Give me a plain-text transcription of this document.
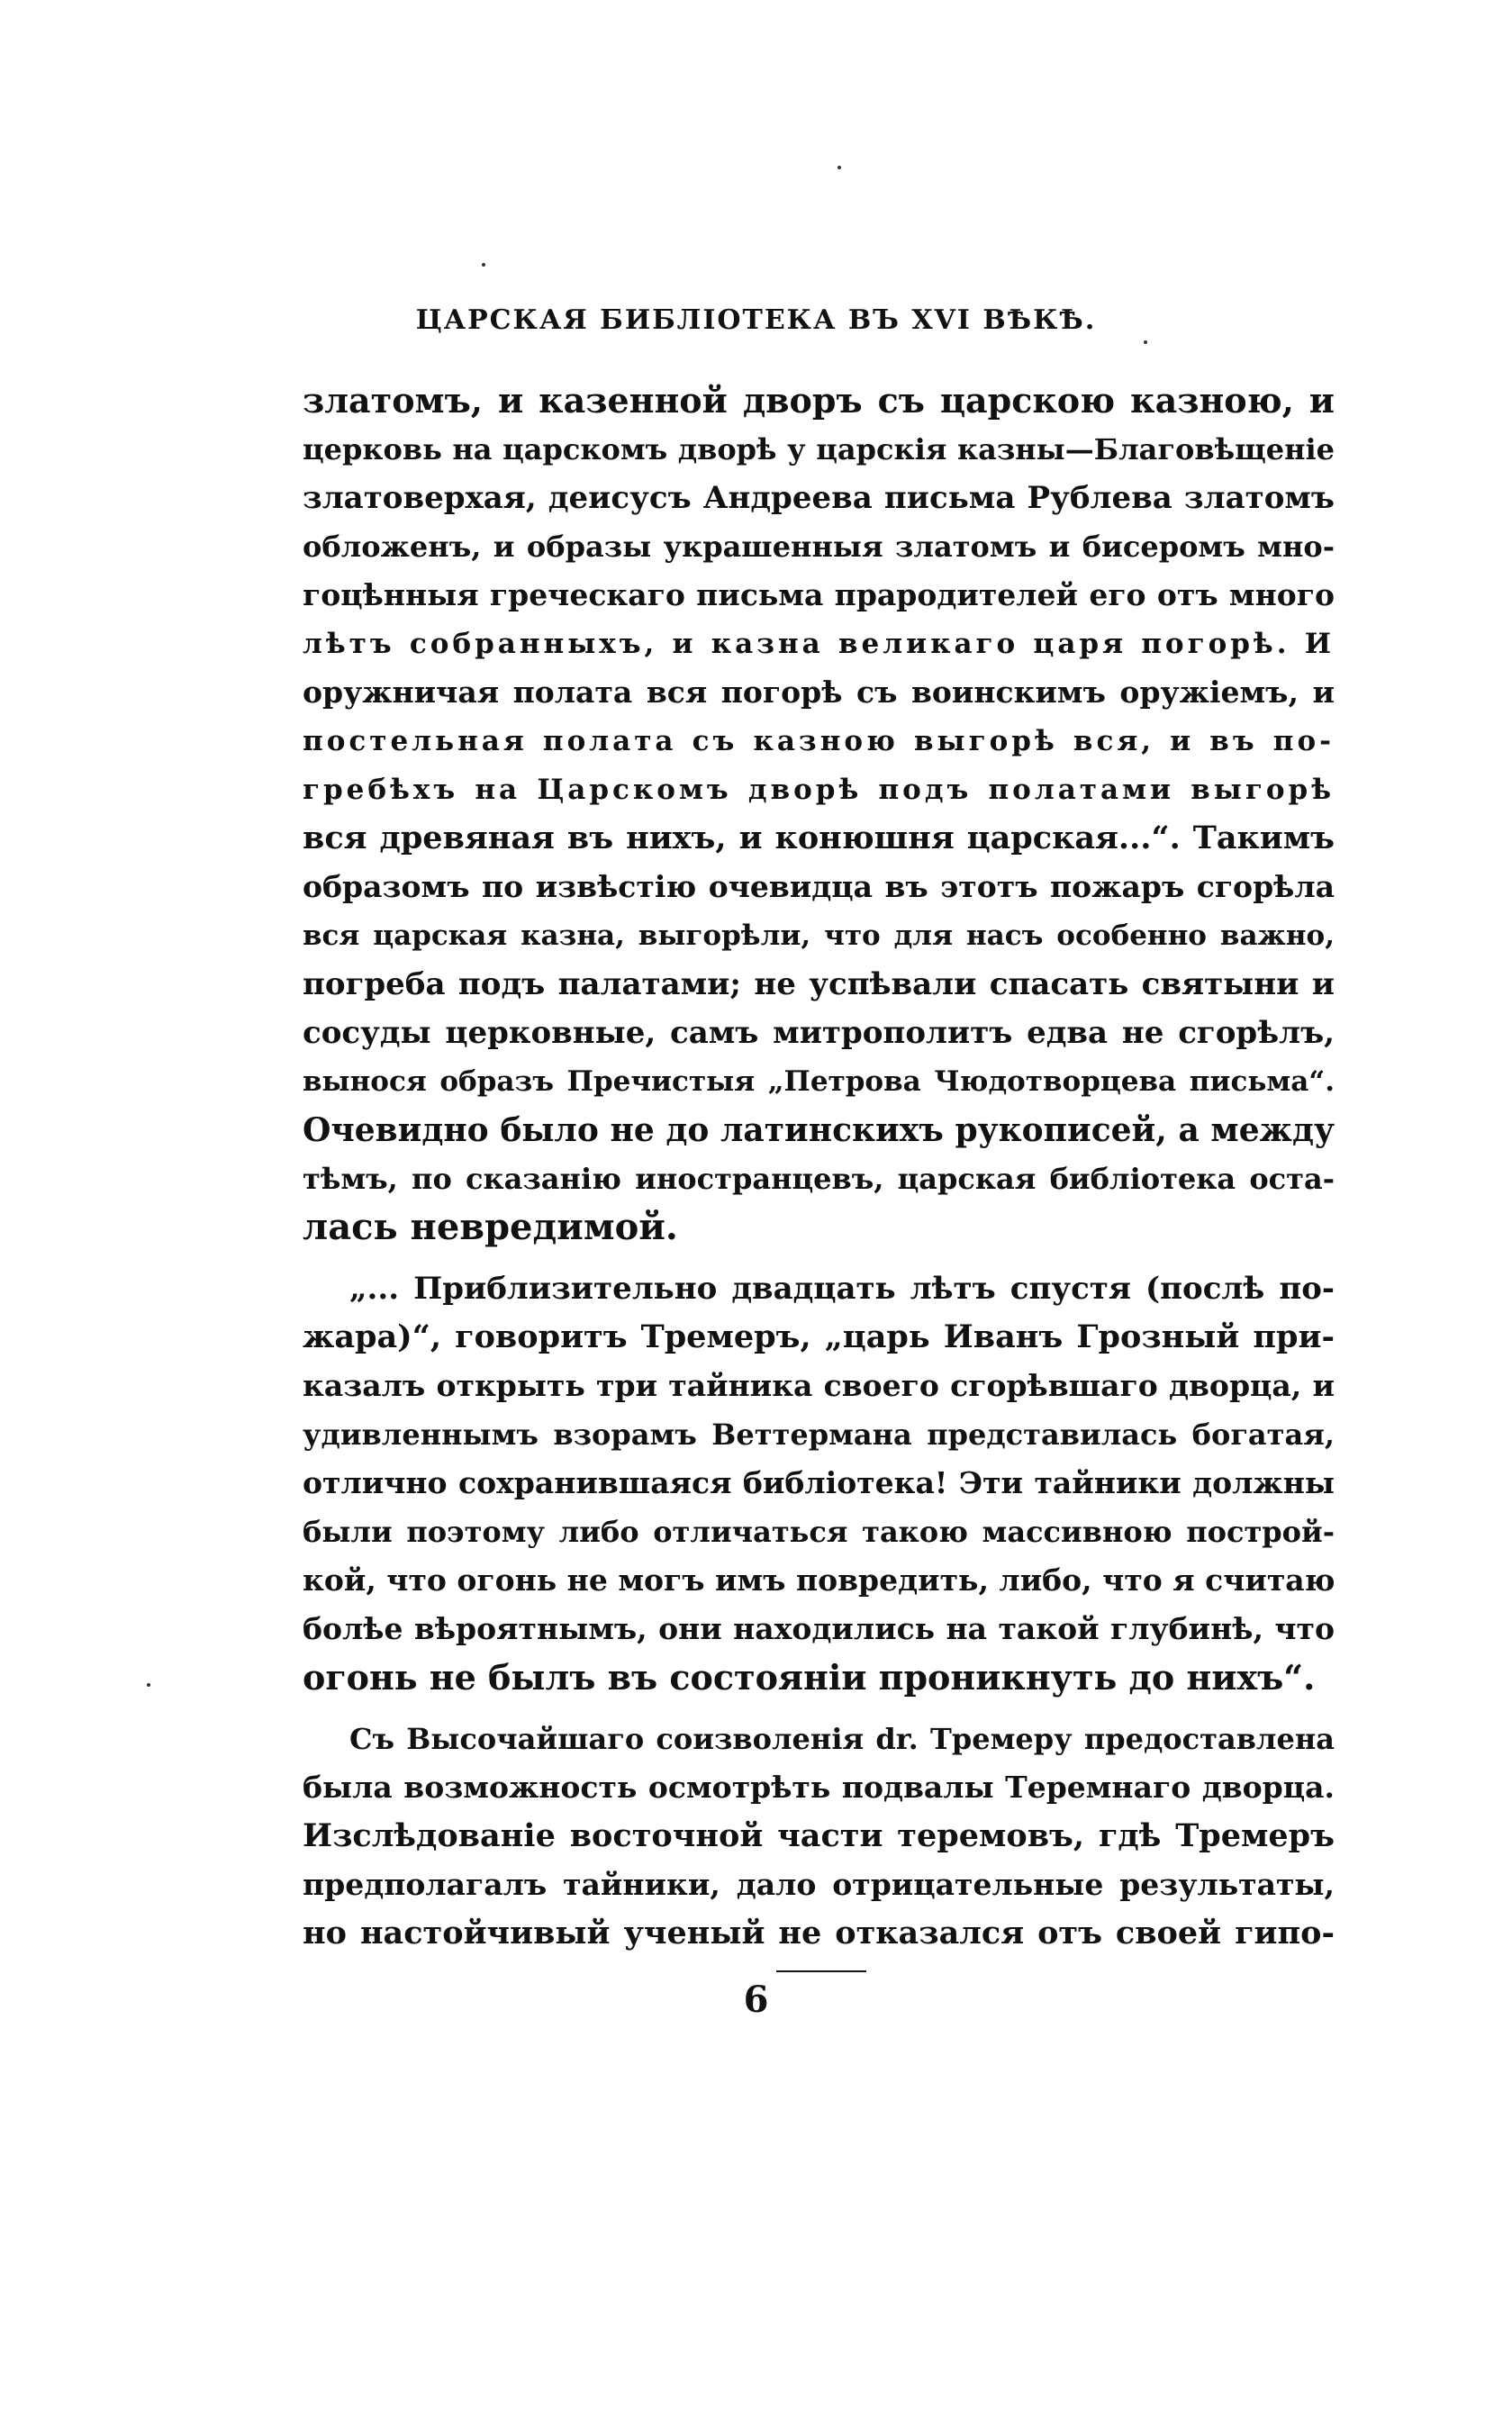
ЦАРСКАЯ БИБЛІОТЕКА ВЪ XVI ВѢКѢ.
златомъ, и казенной дворъ съ царскою казною, и
церковь на царскомъ дворѣ у царскія казны—Благовѣщеніе
златоверхая, деисусъ Андреева письма Рублева златомъ
обложенъ, и образы украшенныя златомъ и бисеромъ мно-
гоцѣнныя греческаго письма прародителей его отъ много
лѣтъ собранныхъ, и казна великаго царя погорѣ. И
оружничая полата вся погорѣ съ воинскимъ оружіемъ, и
постельная полата съ казною выгорѣ вся, и въ по-
гребѣхъ на Царскомъ дворѣ подъ полатами выгорѣ
вся древяная въ нихъ, и конюшня царская...“. Такимъ
образомъ по извѣстію очевидца въ этотъ пожаръ сгорѣла
вся царская казна, выгорѣли, что для насъ особенно важно,
погреба подъ палатами; не успѣвали спасать святыни и
сосуды церковные, самъ митрополитъ едва не сгорѣлъ,
вынося образъ Пречистыя „Петрова Чюдотворцева письма“.
Очевидно было не до латинскихъ рукописей, а между
тѣмъ, по сказанію иностранцевъ, царская библіотека оста-
лась невредимой.
„... Приблизительно двадцать лѣтъ спустя (послѣ по-
жара)“, говоритъ Тремеръ, „царь Иванъ Грозный при-
казалъ открыть три тайника своего сгорѣвшаго дворца, и
удивленнымъ взорамъ Веттермана представилась богатая,
отлично сохранившаяся библіотека! Эти тайники должны
были поэтому либо отличаться такою массивною построй-
кой, что огонь не могъ имъ повредить, либо, что я считаю
болѣе вѣроятнымъ, они находились на такой глубинѣ, что
огонь не былъ въ состояніи проникнуть до нихъ“.
Съ Высочайшаго соизволенія dr. Тремеру предоставлена
была возможность осмотрѣть подвалы Теремнаго дворца.
Изслѣдованіе восточной части теремовъ, гдѣ Тремеръ
предполагалъ тайники, дало отрицательные результаты,
но настойчивый ученый не отказался отъ своей гипо-
6
